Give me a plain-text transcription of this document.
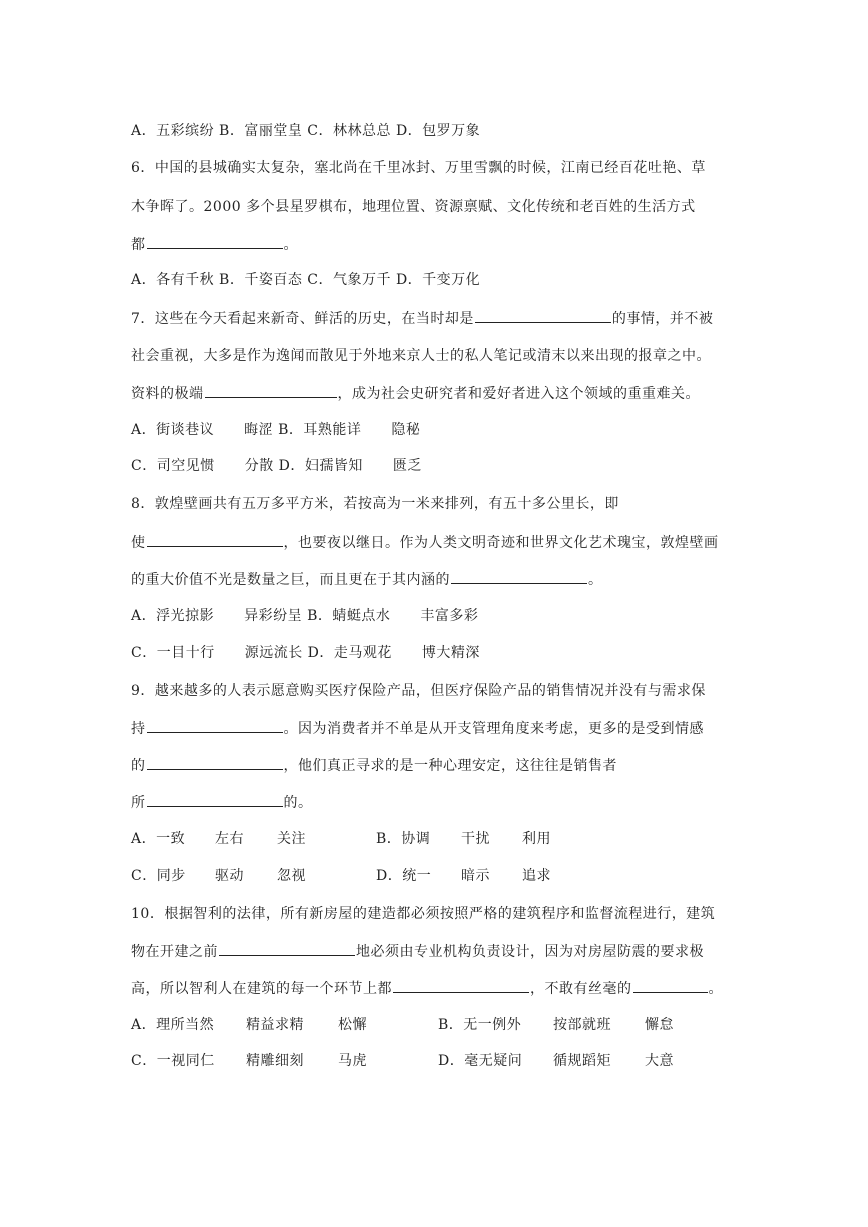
A．五彩缤纷 B．富丽堂皇 C．林林总总 D．包罗万象
6．中国的县城确实太复杂，塞北尚在千里冰封、万里雪飘的时候，江南已经百花吐艳、草
木争晖了。2000 多个县星罗棋布，地理位置、资源禀赋、文化传统和老百姓的生活方式
都	。
A．各有千秋 B．千姿百态 C．气象万千 D．千变万化
7．这些在今天看起来新奇、鲜活的历史，在当时却是	的事情，并不被
社会重视，大多是作为逸闻而散见于外地来京人士的私人笔记或清末以来出现的报章之中。
资料的极端	，成为社会史研究者和爱好者进入这个领域的重重难关。
A．街谈巷议 晦涩 B．耳熟能详 隐秘
C．司空见惯 分散 D．妇孺皆知 匮乏
8．敦煌壁画共有五万多平方米，若按高为一米来排列，有五十多公里长，即
使	，也要夜以继日。作为人类文明奇迹和世界文化艺术瑰宝，敦煌壁画
的重大价值不光是数量之巨，而且更在于其内涵的	。
A．浮光掠影 异彩纷呈 B．蜻蜓点水 丰富多彩
C．一目十行 源远流长 D．走马观花 博大精深
9．越来越多的人表示愿意购买医疗保险产品，但医疗保险产品的销售情况并没有与需求保
持	。因为消费者并不单是从开支管理角度来考虑，更多的是受到情感
的	，他们真正寻求的是一种心理安定，这往往是销售者
所	的。
A．一致 左右 关注	B．协调 干扰 利用
C．同步 驱动 忽视	D．统一 暗示 追求
10．根据智利的法律，所有新房屋的建造都必须按照严格的建筑程序和监督流程进行，建筑
物在开建之前	地必须由专业机构负责设计，因为对房屋防震的要求极
高，所以智利人在建筑的每一个环节上都	，不敢有丝毫的	。
A．理所当然 精益求精 松懈	B．无一例外 按部就班 懈怠
C．一视同仁 精雕细刻 马虎	D．毫无疑问 循规蹈矩 大意
